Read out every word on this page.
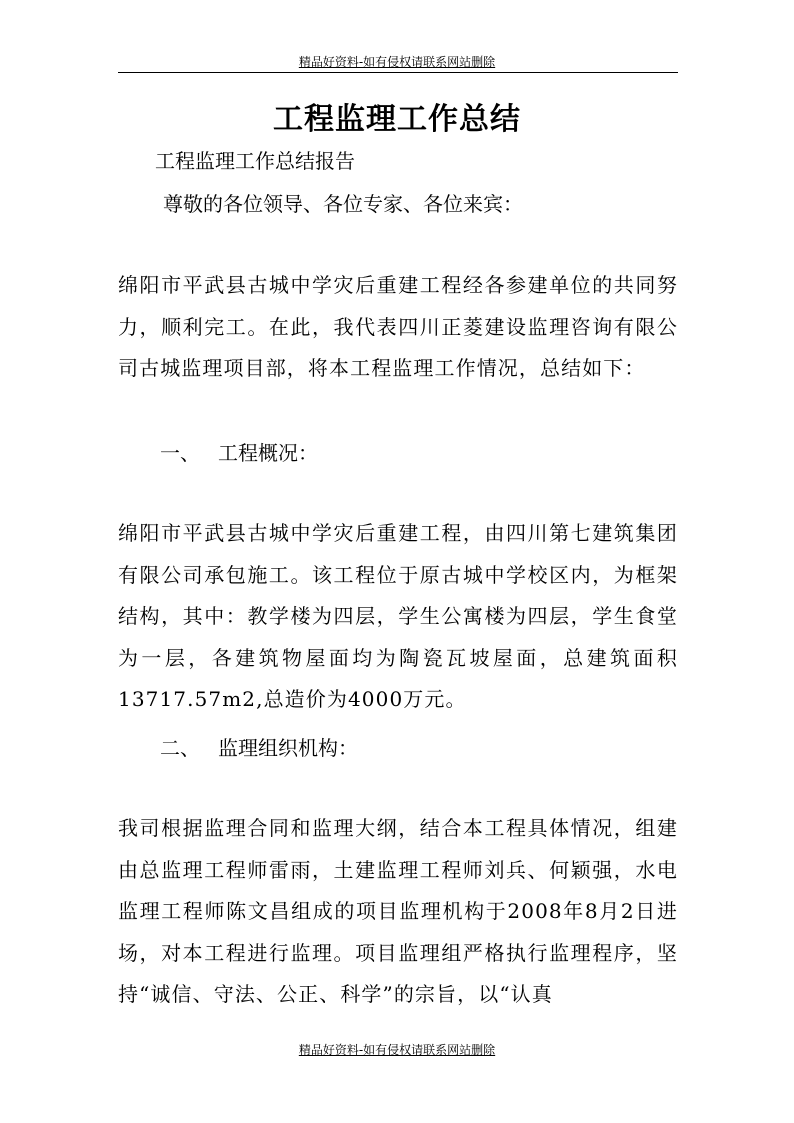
精品好资料-如有侵权请联系网站删除
工程监理工作总结
工程监理工作总结报告
尊敬的各位领导、各位专家、各位来宾：

绵阳市平武县古城中学灾后重建工程经各参建单位的共同努力，顺利完工。在此，我代表四川正菱建设监理咨询有限公司古城监理项目部，将本工程监理工作情况，总结如下：

一、 工程概况：

绵阳市平武县古城中学灾后重建工程，由四川第七建筑集团有限公司承包施工。该工程位于原古城中学校区内，为框架结构，其中：教学楼为四层，学生公寓楼为四层，学生食堂为一层，各建筑物屋面均为陶瓷瓦坡屋面，总建筑面积13717.57m2,总造价为4000万元。

二、 监理组织机构：

我司根据监理合同和监理大纲，结合本工程具体情况，组建由总监理工程师雷雨，土建监理工程师刘兵、何颖强，水电监理工程师陈文昌组成的项目监理机构于2008年8月2日进场，对本工程进行监理。项目监理组严格执行监理程序，坚持“诚信、守法、公正、科学”的宗旨，以“认真

精品好资料-如有侵权请联系网站删除
